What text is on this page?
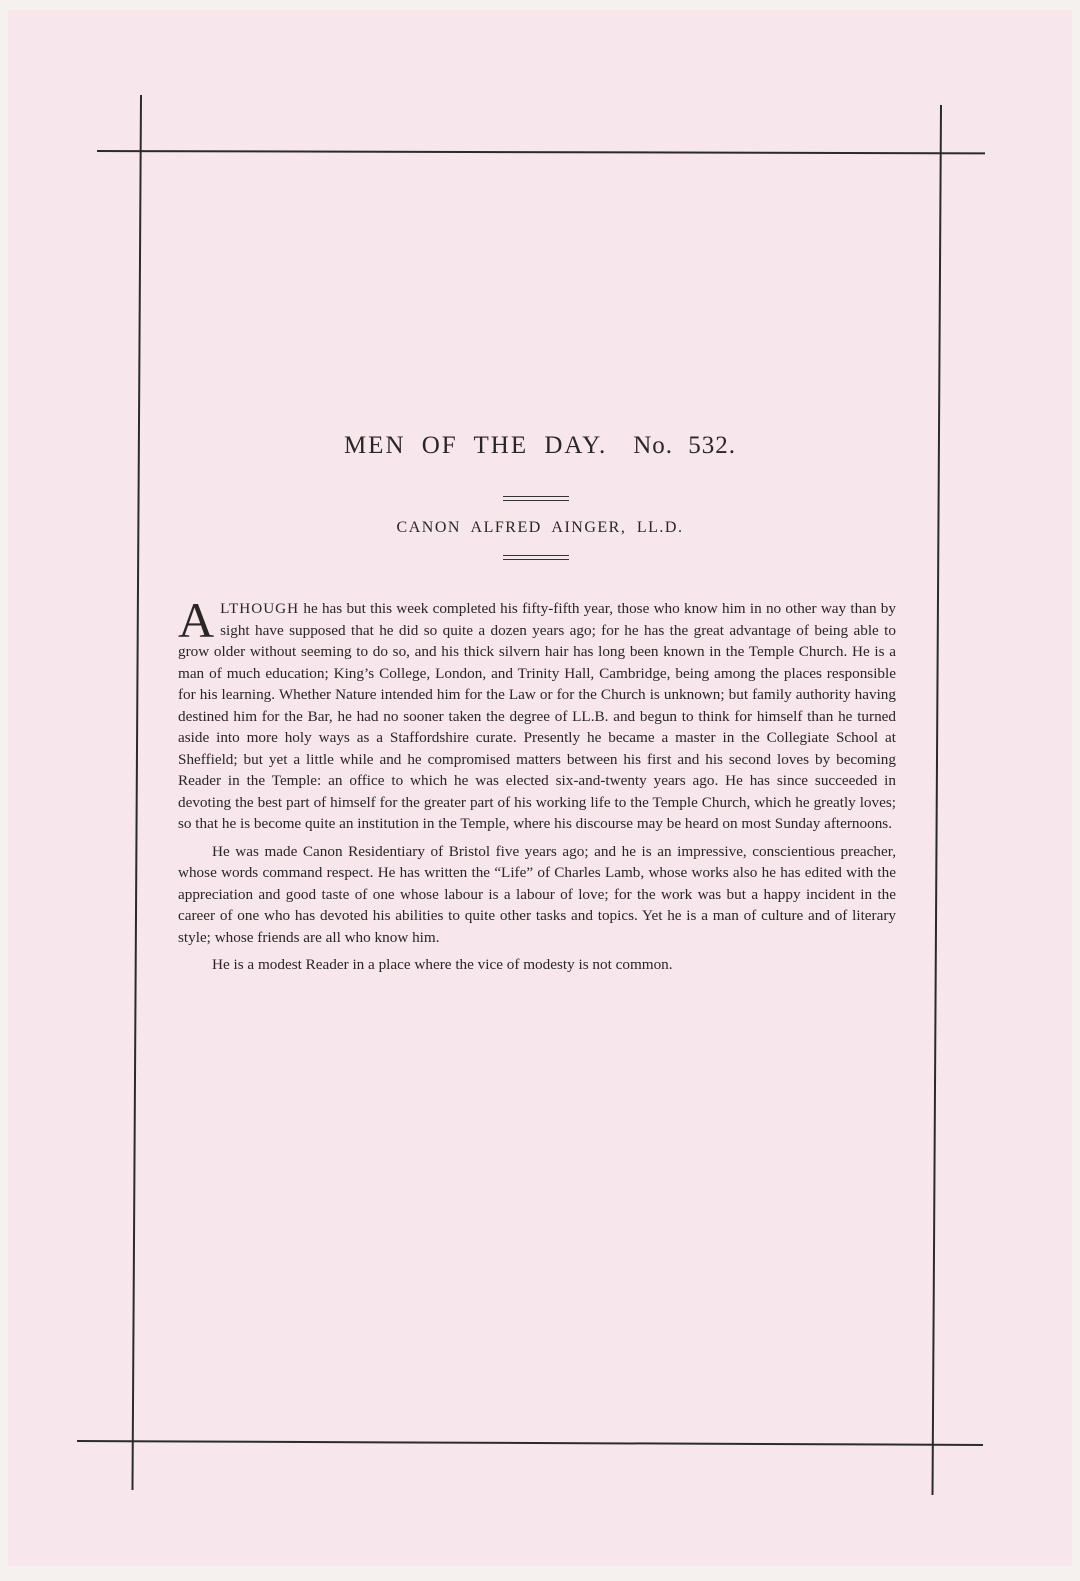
MEN OF THE DAY. No. 532.
CANON ALFRED AINGER, LL.D.

ALTHOUGH he has but this week completed his fifty-fifth year, those who know him in no other way than by sight have supposed that he did so quite a dozen years ago; for he has the great advantage of being able to grow older without seeming to do so, and his thick silvern hair has long been known in the Temple Church. He is a man of much education; King’s College, London, and Trinity Hall, Cambridge, being among the places responsible for his learning. Whether Nature intended him for the Law or for the Church is unknown; but family authority having destined him for the Bar, he had no sooner taken the degree of LL.B. and begun to think for himself than he turned aside into more holy ways as a Staffordshire curate. Presently he became a master in the Collegiate School at Sheffield; but yet a little while and he compromised matters between his first and his second loves by becoming Reader in the Temple: an office to which he was elected six-and-twenty years ago. He has since succeeded in devoting the best part of himself for the greater part of his working life to the Temple Church, which he greatly loves; so that he is become quite an institution in the Temple, where his discourse may be heard on most Sunday afternoons.

He was made Canon Residentiary of Bristol five years ago; and he is an impressive, conscientious preacher, whose words command respect. He has written the “Life” of Charles Lamb, whose works also he has edited with the appreciation and good taste of one whose labour is a labour of love; for the work was but a happy incident in the career of one who has devoted his abilities to quite other tasks and topics. Yet he is a man of culture and of literary style; whose friends are all who know him.

He is a modest Reader in a place where the vice of modesty is not common.
